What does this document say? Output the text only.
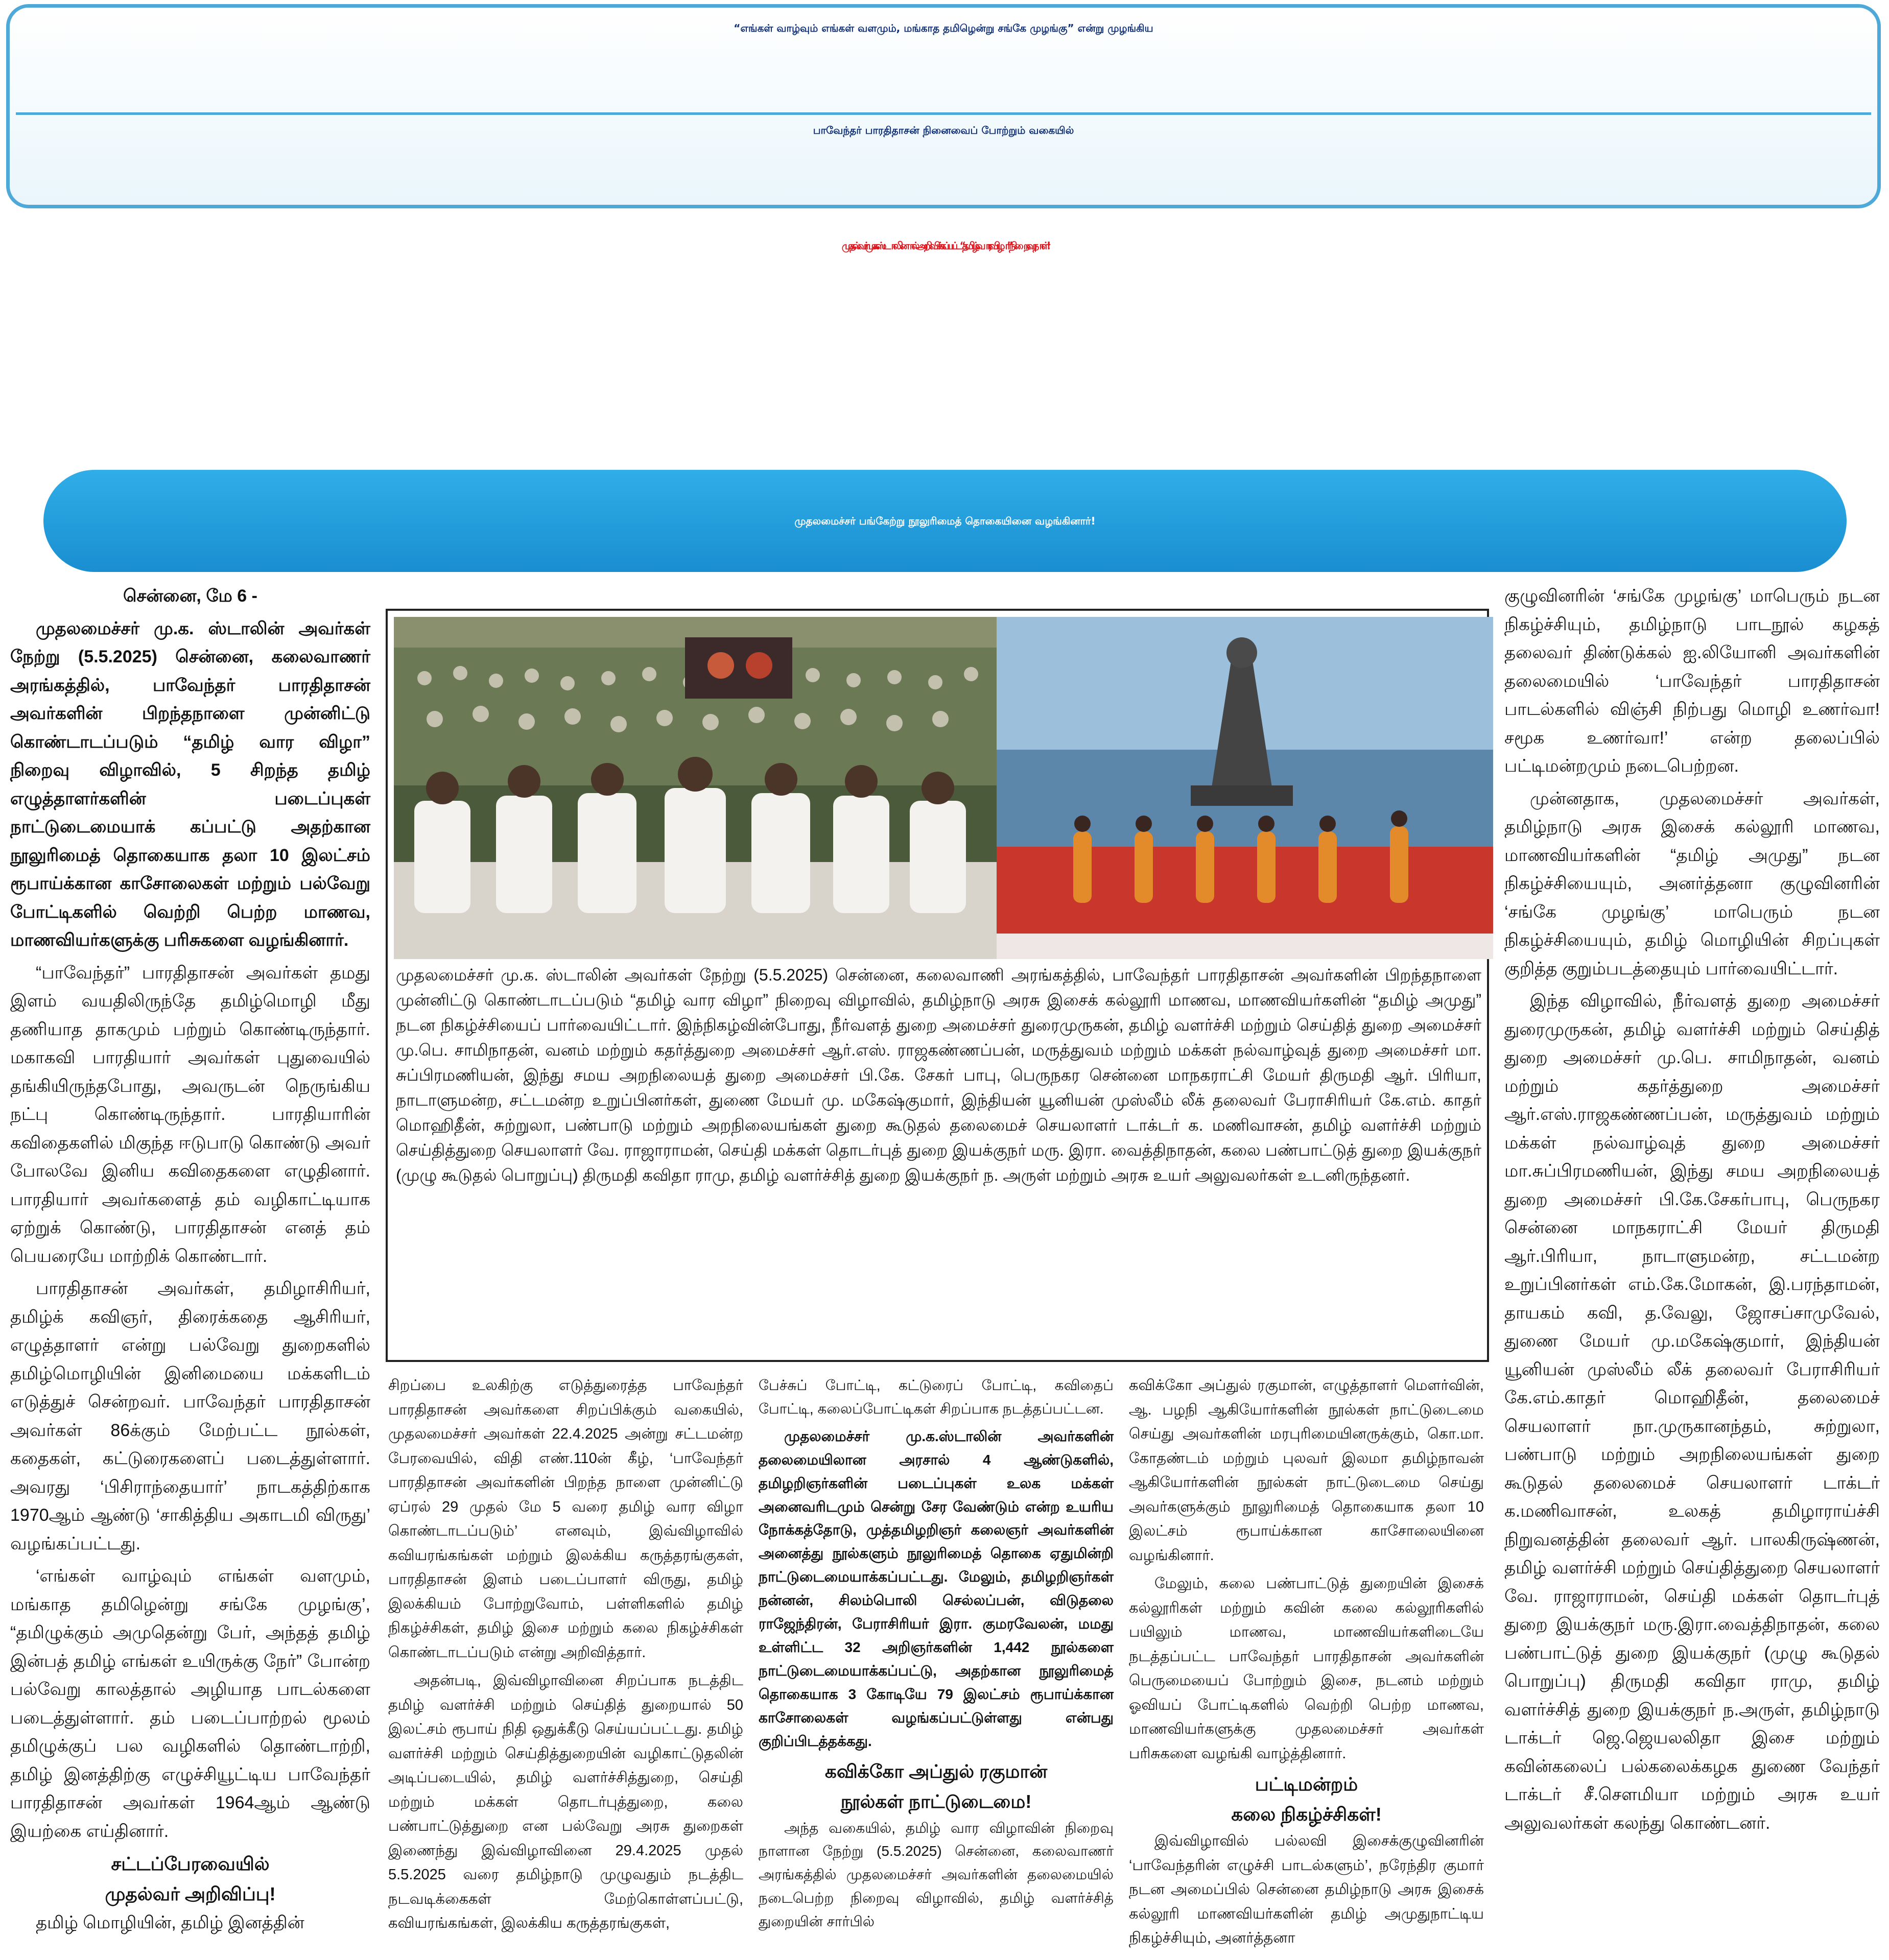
“எங்கள் வாழ்வும் எங்கள் வளமும், மங்காத தமிழென்று சங்கே முழங்கு” என்று முழங்கிய
பாவேந்தர் பாரதிதாசன் நினைவைப் போற்றும் வகையில்
முதல்வர் மு.க.ஸ்டாலினால் அறிவிக்கப்பட்ட “தமிழ் வார விழா” நிறைவு நாள்!
முதலமைச்சர் பங்கேற்று நூலுரிமைத் தொகையினை வழங்கினார்!

சென்னை, மே 6 -

முதலமைச்சர் மு.க. ஸ்டாலின் அவர்கள் நேற்று (5.5.2025) சென்னை, கலைவாணர் அரங்கத்தில், பாவேந்தர் பாரதிதாசன் அவர்களின் பிறந்தநாளை முன்னிட்டு கொண்டாடப்படும் “தமிழ் வார விழா” நிறைவு விழாவில், 5 சிறந்த தமிழ் எழுத்தாளர்களின் படைப்புகள் நாட்டுடைமையாக் கப்பட்டு அதற்கான நூலுரிமைத் தொகையாக தலா 10 இலட்சம் ரூபாய்க்கான காசோலைகள் மற்றும் பல்வேறு போட்டிகளில் வெற்றி பெற்ற மாணவ, மாணவியர்களுக்கு பரிசுகளை வழங்கினார்.

“பாவேந்தர்” பாரதிதாசன் அவர்கள் தமது இளம் வயதிலிருந்தே தமிழ்மொழி மீது தணியாத தாகமும் பற்றும் கொண்டிருந்தார். மகாகவி பாரதியார் அவர்கள் புதுவையில் தங்கியிருந்தபோது, அவருடன் நெருங்கிய நட்பு கொண்டிருந்தார். பாரதியாரின் கவிதைகளில் மிகுந்த ஈடுபாடு கொண்டு அவர் போலவே இனிய கவிதைகளை எழுதினார். பாரதியார் அவர்களைத் தம் வழிகாட்டியாக ஏற்றுக் கொண்டு, பாரதிதாசன் எனத் தம் பெயரையே மாற்றிக் கொண்டார்.

பாரதிதாசன் அவர்கள், தமிழாசிரியர், தமிழ்க் கவிஞர், திரைக்கதை ஆசிரியர், எழுத்தாளர் என்று பல்வேறு துறைகளில் தமிழ்மொழியின் இனிமையை மக்களிடம் எடுத்துச் சென்றவர். பாவேந்தர் பாரதிதாசன் அவர்கள் 86க்கும் மேற்பட்ட நூல்கள், கதைகள், கட்டுரைகளைப் படைத்துள்ளார். அவரது ‘பிசிராந்தையார்’ நாடகத்திற்காக 1970ஆம் ஆண்டு ‘சாகித்திய அகாடமி விருது’ வழங்கப்பட்டது.

‘எங்கள் வாழ்வும் எங்கள் வளமும், மங்காத தமிழென்று சங்கே முழங்கு’, “தமிழுக்கும் அமுதென்று பேர், அந்தத் தமிழ் இன்பத் தமிழ் எங்கள் உயிருக்கு நேர்” போன்ற பல்வேறு காலத்தால் அழியாத பாடல்களை படைத்துள்ளார். தம் படைப்பாற்றல் மூலம் தமிழுக்குப் பல வழிகளில் தொண்டாற்றி, தமிழ் இனத்திற்கு எழுச்சியூட்டிய பாவேந்தர் பாரதிதாசன் அவர்கள் 1964ஆம் ஆண்டு இயற்கை எய்தினார்.

சட்டப்பேரவையில்
முதல்வர் அறிவிப்பு!

தமிழ் மொழியின், தமிழ் இனத்தின்

முதலமைச்சர் மு.க. ஸ்டாலின் அவர்கள் நேற்று (5.5.2025) சென்னை, கலைவாணி அரங்கத்தில், பாவேந்தர் பாரதிதாசன் அவர்களின் பிறந்தநாளை முன்னிட்டு கொண்டாடப்படும் “தமிழ் வார விழா” நிறைவு விழாவில், தமிழ்நாடு அரசு இசைக் கல்லூரி மாணவ, மாணவியர்களின் “தமிழ் அமுது” நடன நிகழ்ச்சியைப் பார்வையிட்டார். இந்நிகழ்வின்போது, நீர்வளத் துறை அமைச்சர் துரைமுருகன், தமிழ் வளர்ச்சி மற்றும் செய்தித் துறை அமைச்சர் மு.பெ. சாமிநாதன், வனம் மற்றும் கதர்த்துறை அமைச்சர் ஆர்.எஸ். ராஜகண்ணப்பன், மருத்துவம் மற்றும் மக்கள் நல்வாழ்வுத் துறை அமைச்சர் மா. சுப்பிரமணியன், இந்து சமய அறநிலையத் துறை அமைச்சர் பி.கே. சேகர் பாபு, பெருநகர சென்னை மாநகராட்சி மேயர் திருமதி ஆர். பிரியா, நாடாளுமன்ற, சட்டமன்ற உறுப்பினர்கள், துணை மேயர் மு. மகேஷ்குமார், இந்தியன் யூனியன் முஸ்லீம் லீக் தலைவர் பேராசிரியர் கே.எம். காதர் மொஹிதீன், சுற்றுலா, பண்பாடு மற்றும் அறநிலையங்கள் துறை கூடுதல் தலைமைச் செயலாளர் டாக்டர் க. மணிவாசன், தமிழ் வளர்ச்சி மற்றும் செய்தித்துறை செயலாளர் வே. ராஜாராமன், செய்தி மக்கள் தொடர்புத் துறை இயக்குநர் மரு. இரா. வைத்திநாதன், கலை பண்பாட்டுத் துறை இயக்குநர் (முழு கூடுதல் பொறுப்பு) திருமதி கவிதா ராமு, தமிழ் வளர்ச்சித் துறை இயக்குநர் ந. அருள் மற்றும் அரசு உயர் அலுவலர்கள் உடனிருந்தனர்.

சிறப்பை உலகிற்கு எடுத்துரைத்த பாவேந்தர் பாரதிதாசன் அவர்களை சிறப்பிக்கும் வகையில், முதலமைச்சர் அவர்கள் 22.4.2025 அன்று சட்டமன்ற பேரவையில், விதி எண்.110ன் கீழ், ‘பாவேந்தர் பாரதிதாசன் அவர்களின் பிறந்த நாளை முன்னிட்டு ஏப்ரல் 29 முதல் மே 5 வரை தமிழ் வார விழா கொண்டாடப்படும்’ எனவும், இவ்விழாவில் கவியரங்கங்கள் மற்றும் இலக்கிய கருத்தரங்குகள், பாரதிதாசன் இளம் படைப்பாளர் விருது, தமிழ் இலக்கியம் போற்றுவோம், பள்ளிகளில் தமிழ் நிகழ்ச்சிகள், தமிழ் இசை மற்றும் கலை நிகழ்ச்சிகள் கொண்டாடப்படும் என்று அறிவித்தார்.

அதன்படி, இவ்விழாவினை சிறப்பாக நடத்திட தமிழ் வளர்ச்சி மற்றும் செய்தித் துறையால் 50 இலட்சம் ரூபாய் நிதி ஒதுக்கீடு செய்யப்பட்டது. தமிழ் வளர்ச்சி மற்றும் செய்தித்துறையின் வழிகாட்டுதலின் அடிப்படையில், தமிழ் வளர்ச்சித்துறை, செய்தி மற்றும் மக்கள் தொடர்புத்துறை, கலை பண்பாட்டுத்துறை என பல்வேறு அரசு துறைகள் இணைந்து இவ்விழாவினை 29.4.2025 முதல் 5.5.2025 வரை தமிழ்நாடு முழுவதும் நடத்திட நடவடிக்கைகள் மேற்கொள்ளப்பட்டு, கவியரங்கங்கள், இலக்கிய கருத்தரங்குகள்,

பேச்சுப் போட்டி, கட்டுரைப் போட்டி, கவிதைப் போட்டி, கலைப்போட்டிகள் சிறப்பாக நடத்தப்பட்டன.

முதலமைச்சர் மு.க.ஸ்டாலின் அவர்களின் தலைமையிலான அரசால் 4 ஆண்டுகளில், தமிழறிஞர்களின் படைப்புகள் உலக மக்கள் அனைவரிடமும் சென்று சேர வேண்டும் என்ற உயரிய நோக்கத்தோடு, முத்தமிழறிஞர் கலைஞர் அவர்களின் அனைத்து நூல்களும் நூலுரிமைத் தொகை ஏதுமின்றி நாட்டுடைமையாக்கப்பட்டது. மேலும், தமிழறிஞர்கள் நன்னன், சிலம்பொலி செல்லப்பன், விடுதலை ராஜேந்திரன், பேராசிரியர் இரா. குமரவேலன், மமது உள்ளிட்ட 32 அறிஞர்களின் 1,442 நூல்களை நாட்டுடைமையாக்கப்பட்டு, அதற்கான நூலுரிமைத் தொகையாக 3 கோடியே 79 இலட்சம் ரூபாய்க்கான காசோலைகள் வழங்கப்பட்டுள்ளது என்பது குறிப்பிடத்தக்கது.

கவிக்கோ அப்துல் ரகுமான்
நூல்கள் நாட்டுடைமை!

அந்த வகையில், தமிழ் வார விழாவின் நிறைவு நாளான நேற்று (5.5.2025) சென்னை, கலைவாணர் அரங்கத்தில் முதலமைச்சர் அவர்களின் தலைமையில் நடைபெற்ற நிறைவு விழாவில், தமிழ் வளர்ச்சித் துறையின் சார்பில்

கவிக்கோ அப்துல் ரகுமான், எழுத்தாளர் மௌர்வின், ஆ. பழநி ஆகியோர்களின் நூல்கள் நாட்டுடைமை செய்து அவர்களின் மரபுரிமையினருக்கும், கொ.மா. கோதண்டம் மற்றும் புலவர் இலமா தமிழ்நாவன் ஆகியோர்களின் நூல்கள் நாட்டுடைமை செய்து அவர்களுக்கும் நூலுரிமைத் தொகையாக தலா 10 இலட்சம் ரூபாய்க்கான காசோலையினை வழங்கினார்.

மேலும், கலை பண்பாட்டுத் துறையின் இசைக் கல்லூரிகள் மற்றும் கவின் கலை கல்லூரிகளில் பயிலும் மாணவ, மாணவியர்களிடையே நடத்தப்பட்ட பாவேந்தர் பாரதிதாசன் அவர்களின் பெருமையைப் போற்றும் இசை, நடனம் மற்றும் ஓவியப் போட்டிகளில் வெற்றி பெற்ற மாணவ, மாணவியர்களுக்கு முதலமைச்சர் அவர்கள் பரிசுகளை வழங்கி வாழ்த்தினார்.

பட்டிமன்றம்
கலை நிகழ்ச்சிகள்!

இவ்விழாவில் பல்லவி இசைக்குழுவினரின் ‘பாவேந்தரின் எழுச்சி பாடல்களும்’, நரேந்திர குமார் நடன அமைப்பில் சென்னை தமிழ்நாடு அரசு இசைக் கல்லூரி மாணவியர்களின் தமிழ் அமுதுநாட்டிய நிகழ்ச்சியும், அனர்த்தனா

குழுவினரின் ‘சங்கே முழங்கு’ மாபெரும் நடன நிகழ்ச்சியும், தமிழ்நாடு பாடநூல் கழகத் தலைவர் திண்டுக்கல் ஐ.லியோனி அவர்களின் தலைமையில் ‘பாவேந்தர் பாரதிதாசன் பாடல்களில் விஞ்சி நிற்பது மொழி உணர்வா! சமூக உணர்வா!’ என்ற தலைப்பில் பட்டிமன்றமும் நடைபெற்றன.

முன்னதாக, முதலமைச்சர் அவர்கள், தமிழ்நாடு அரசு இசைக் கல்லூரி மாணவ, மாணவியர்களின் “தமிழ் அமுது” நடன நிகழ்ச்சியையும், அனர்த்தனா குழுவினரின் ‘சங்கே முழங்கு’ மாபெரும் நடன நிகழ்ச்சியையும், தமிழ் மொழியின் சிறப்புகள் குறித்த குறும்படத்தையும் பார்வையிட்டார்.

இந்த விழாவில், நீர்வளத் துறை அமைச்சர் துரைமுருகன், தமிழ் வளர்ச்சி மற்றும் செய்தித் துறை அமைச்சர் மு.பெ. சாமிநாதன், வனம் மற்றும் கதர்த்துறை அமைச்சர் ஆர்.எஸ்.ராஜகண்ணப்பன், மருத்துவம் மற்றும் மக்கள் நல்வாழ்வுத் துறை அமைச்சர் மா.சுப்பிரமணியன், இந்து சமய அறநிலையத் துறை அமைச்சர் பி.கே.சேகர்பாபு, பெருநகர சென்னை மாநகராட்சி மேயர் திருமதி ஆர்.பிரியா, நாடாளுமன்ற, சட்டமன்ற உறுப்பினர்கள் எம்.கே.மோகன், இ.பரந்தாமன், தாயகம் கவி, த.வேலு, ஜோசப்சாமுவேல், துணை மேயர் மு.மகேஷ்குமார், இந்தியன் யூனியன் முஸ்லீம் லீக் தலைவர் பேராசிரியர் கே.எம்.காதர் மொஹிதீன், தலைமைச் செயலாளர் நா.முருகானந்தம், சுற்றுலா, பண்பாடு மற்றும் அறநிலையங்கள் துறை கூடுதல் தலைமைச் செயலாளர் டாக்டர் க.மணிவாசன், உலகத் தமிழாராய்ச்சி நிறுவனத்தின் தலைவர் ஆர். பாலகிருஷ்ணன், தமிழ் வளர்ச்சி மற்றும் செய்தித்துறை செயலாளர் வே. ராஜாராமன், செய்தி மக்கள் தொடர்புத் துறை இயக்குநர் மரு.இரா.வைத்திநாதன், கலை பண்பாட்டுத் துறை இயக்குநர் (முழு கூடுதல் பொறுப்பு) திருமதி கவிதா ராமு, தமிழ் வளர்ச்சித் துறை இயக்குநர் ந.அருள், தமிழ்நாடு டாக்டர் ஜெ.ஜெயலலிதா இசை மற்றும் கவின்கலைப் பல்கலைக்கழக துணை வேந்தர் டாக்டர் சீ.சௌமியா மற்றும் அரசு உயர் அலுவலர்கள் கலந்து கொண்டனர்.
